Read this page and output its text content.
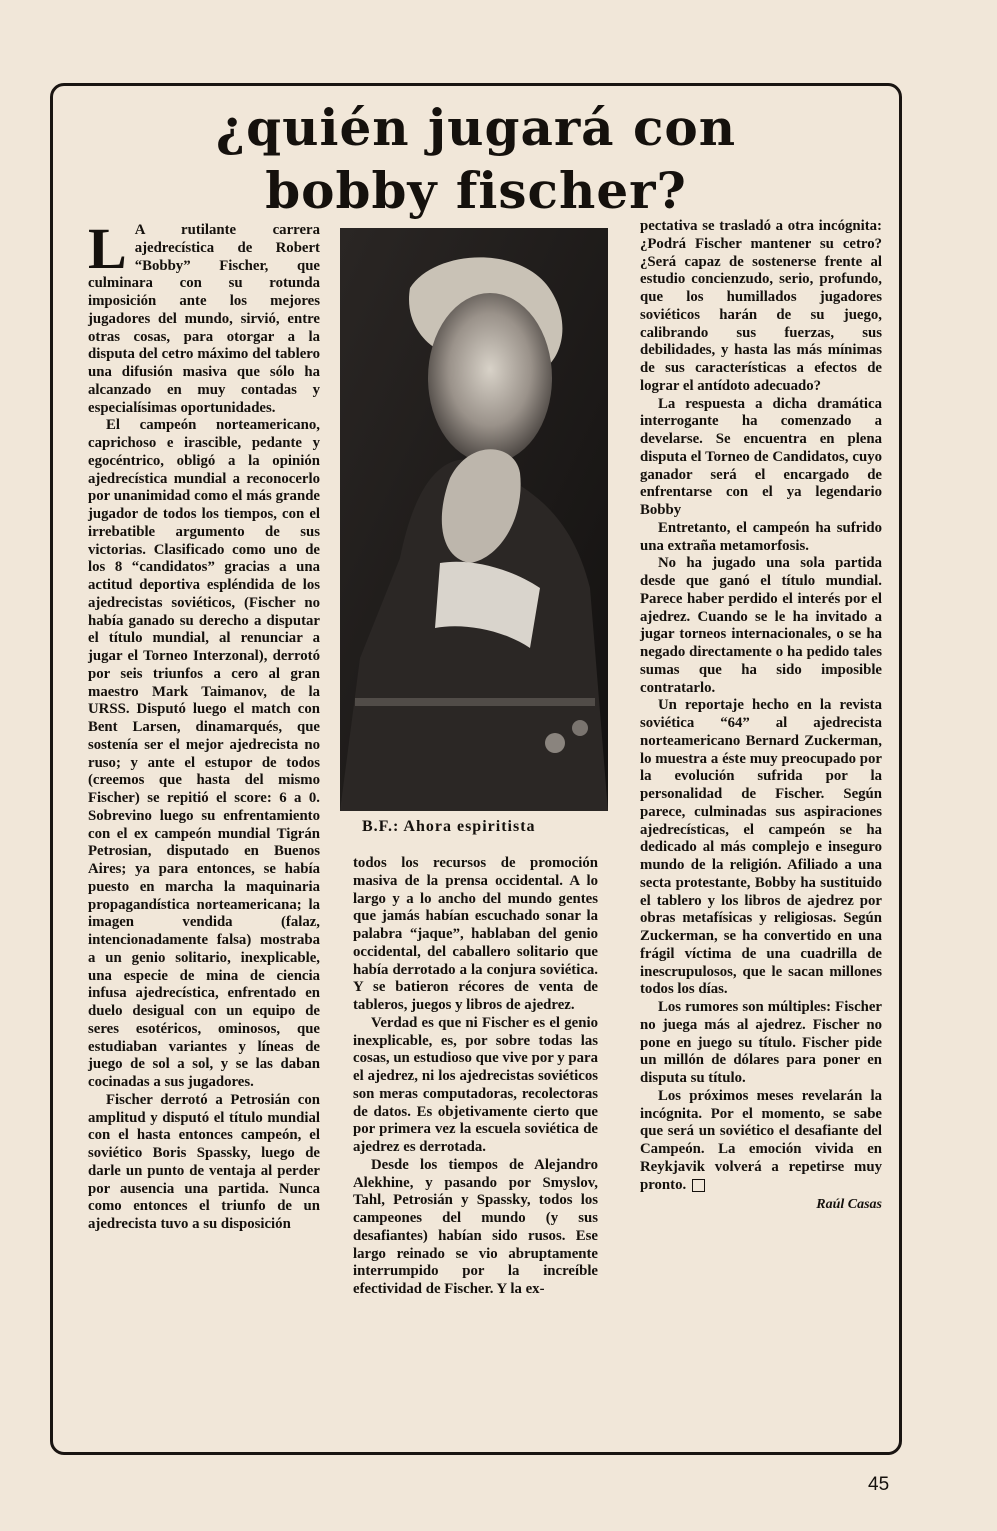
¿quién jugará con
bobby fischer?

L A rutilante carrera ajedrecística de Robert “Bobby” Fischer, que culminara con su rotunda imposición ante los mejores jugadores del mundo, sirvió, entre otras cosas, para otorgar a la disputa del cetro máximo del tablero una difusión masiva que sólo ha alcanzado en muy contadas y especialísimas oportunidades.

El campeón norteamericano, caprichoso e irascible, pedante y egocéntrico, obligó a la opinión ajedrecística mundial a reconocerlo por unanimidad como el más grande jugador de todos los tiempos, con el irrebatible argumento de sus victorias. Clasificado como uno de los 8 “candidatos” gracias a una actitud deportiva espléndida de los ajedrecistas soviéticos, (Fischer no había ganado su derecho a disputar el título mundial, al renunciar a jugar el Torneo Interzonal), derrotó por seis triunfos a cero al gran maestro Mark Taimanov, de la URSS. Disputó luego el match con Bent Larsen, dinamarqués, que sostenía ser el mejor ajedrecista no ruso; y ante el estupor de todos (creemos que hasta del mismo Fischer) se repitió el score: 6 a 0. Sobrevino luego su enfrentamiento con el ex campeón mundial Tigrán Petrosian, disputado en Buenos Aires; ya para entonces, se había puesto en marcha la maquinaria propagandística norteamericana; la imagen vendida (falaz, intencionadamente falsa) mostraba a un genio solitario, inexplicable, una especie de mina de ciencia infusa ajedrecística, enfrentado en duelo desigual con un equipo de seres esotéricos, ominosos, que estudiaban variantes y líneas de juego de sol a sol, y se las daban cocinadas a sus jugadores.

Fischer derrotó a Petrosián con amplitud y disputó el título mundial con el hasta entonces campeón, el soviético Boris Spassky, luego de darle un punto de ventaja al perder por ausencia una partida. Nunca como entonces el triunfo de un ajedrecista tuvo a su disposición

B.F.: Ahora espiritista

todos los recursos de promoción masiva de la prensa occidental. A lo largo y a lo ancho del mundo gentes que jamás habían escuchado sonar la palabra “jaque”, hablaban del genio occidental, del caballero solitario que había derrotado a la conjura soviética. Y se batieron récores de venta de tableros, juegos y libros de ajedrez.

Verdad es que ni Fischer es el genio inexplicable, es, por sobre todas las cosas, un estudioso que vive por y para el ajedrez, ni los ajedrecistas soviéticos son meras computadoras, recolectoras de datos. Es objetivamente cierto que por primera vez la escuela soviética de ajedrez es derrotada.

Desde los tiempos de Alejandro Alekhine, y pasando por Smyslov, Tahl, Petrosián y Spassky, todos los campeones del mundo (y sus desafiantes) habían sido rusos. Ese largo reinado se vio abruptamente interrumpido por la increíble efectividad de Fischer. Y la ex-

pectativa se trasladó a otra incógnita: ¿Podrá Fischer mantener su cetro? ¿Será capaz de sostenerse frente al estudio concienzudo, serio, profundo, que los humillados jugadores soviéticos harán de su juego, calibrando sus fuerzas, sus debilidades, y hasta las más mínimas de sus características a efectos de lograr el antídoto adecuado?

La respuesta a dicha dramática interrogante ha comenzado a develarse. Se encuentra en plena disputa el Torneo de Candidatos, cuyo ganador será el encargado de enfrentarse con el ya legendario Bobby

Entretanto, el campeón ha sufrido una extraña metamorfosis.

No ha jugado una sola partida desde que ganó el título mundial. Parece haber perdido el interés por el ajedrez. Cuando se le ha invitado a jugar torneos internacionales, o se ha negado directamente o ha pedido tales sumas que ha sido imposible contratarlo.

Un reportaje hecho en la revista soviética “64” al ajedrecista norteamericano Bernard Zuckerman, lo muestra a éste muy preocupado por la evolución sufrida por la personalidad de Fischer. Según parece, culminadas sus aspiraciones ajedrecísticas, el campeón se ha dedicado al más complejo e inseguro mundo de la religión. Afiliado a una secta protestante, Bobby ha sustituido el tablero y los libros de ajedrez por obras metafísicas y religiosas. Según Zuckerman, se ha convertido en una frágil víctima de una cuadrilla de inescrupulosos, que le sacan millones todos los días.

Los rumores son múltiples: Fischer no juega más al ajedrez. Fischer no pone en juego su título. Fischer pide un millón de dólares para poner en disputa su título.

Los próximos meses revelarán la incógnita. Por el momento, se sabe que será un soviético el desafiante del Campeón. La emoción vivida en Reykjavik volverá a repetirse muy pronto.

Raúl Casas
45
